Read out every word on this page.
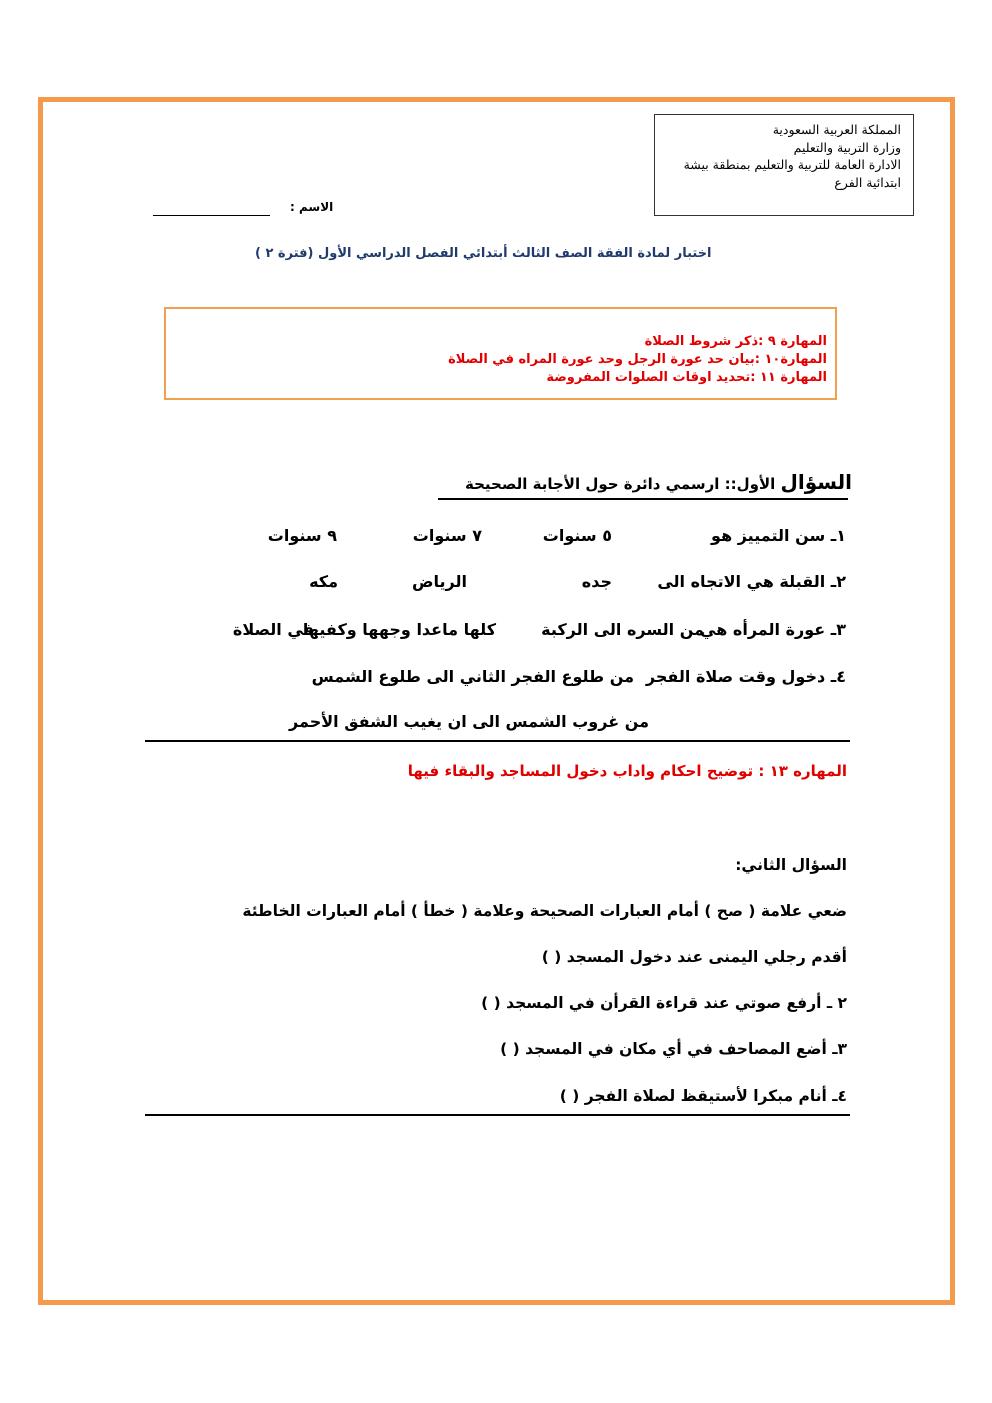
المملكة العربية السعودية
وزارة التربية والتعليم
الادارة العامة للتربية والتعليم بمنطقة بيشة
ابتدائية الفرع
الاسم :
اختبار لمادة الفقة الصف الثالث أبتدائي الفصل الدراسي الأول (فترة ٢ )
المهارة ٩ :ذكر شروط الصلاة
المهارة١٠ :بيان حد عورة الرجل وحد عورة المراه في الصلاة
المهارة ١١ :تحديد اوقات الصلوات المفروضة
السؤال الأول:: ارسمي دائرة حول الأجابة الصحيحة
١ـ سن التمييز هو
٥ سنوات
٧ سنوات
٩ سنوات
٢ـ القبلة هي الاتجاه الى
جده
الرياض
مكه
٣ـ عورة المرأه هي
من السره الى الركبة
كلها ماعدا وجهها وكفيها
في الصلاة
٤ـ دخول وقت صلاة الفجر
من طلوع الفجر الثاني الى طلوع الشمس
من غروب الشمس الى ان يغيب الشفق الأحمر
المهاره ١٣ : توضيح احكام واداب دخول المساجد والبقاء فيها
السؤال الثاني:
ضعي علامة ( صح ) أمام العبارات الصحيحة وعلامة ( خطأ ) أمام العبارات الخاطئة
أقدم رجلي اليمنى عند دخول المسجد ( )
٢ ـ أرفع صوتي عند قراءة القرأن في المسجد ( )
٣ـ أضع المصاحف في أي مكان في المسجد ( )
٤ـ أنام مبكرا لأستيقظ لصلاة الفجر ( )
